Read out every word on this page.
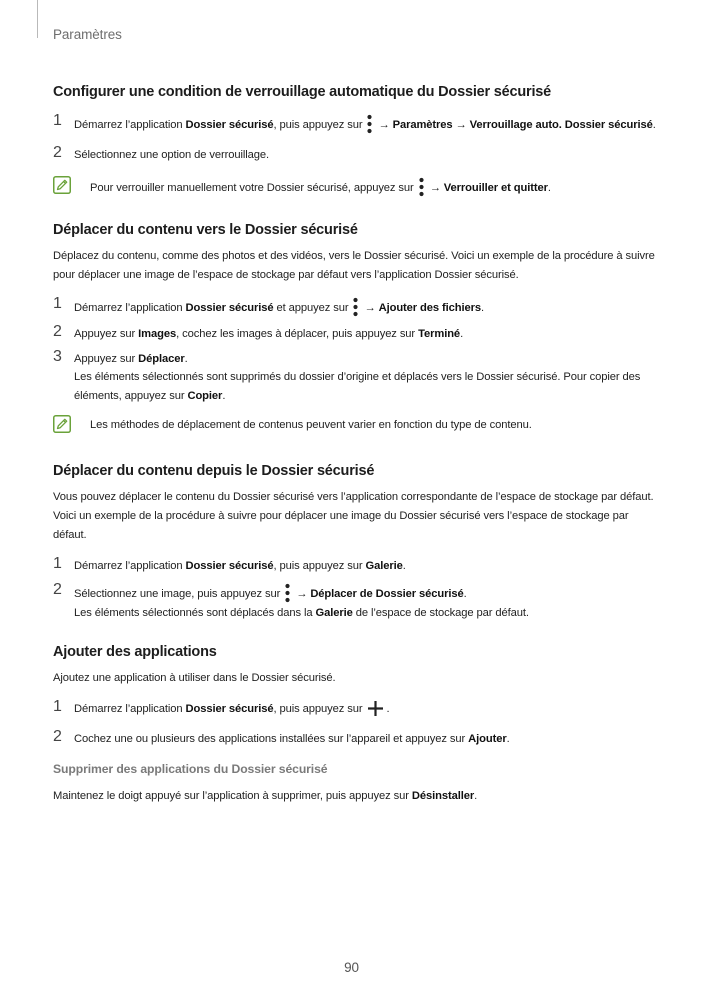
Paramètres
Configurer une condition de verrouillage automatique du Dossier sécurisé
1 Démarrez l’application Dossier sécurisé, puis appuyez sur  → Paramètres → Verrouillage auto. Dossier sécurisé.
2 Sélectionnez une option de verrouillage.
Pour verrouiller manuellement votre Dossier sécurisé, appuyez sur  → Verrouiller et quitter.
Déplacer du contenu vers le Dossier sécurisé

Déplacez du contenu, comme des photos et des vidéos, vers le Dossier sécurisé. Voici un exemple de la procédure à suivre pour déplacer une image de l’espace de stockage par défaut vers l’application Dossier sécurisé.

1 Démarrez l’application Dossier sécurisé et appuyez sur  → Ajouter des fichiers.
2 Appuyez sur Images, cochez les images à déplacer, puis appuyez sur Terminé.
3 Appuyez sur Déplacer.
Les éléments sélectionnés sont supprimés du dossier d’origine et déplacés vers le Dossier sécurisé. Pour copier des éléments, appuyez sur Copier.
Les méthodes de déplacement de contenus peuvent varier en fonction du type de contenu.
Déplacer du contenu depuis le Dossier sécurisé

Vous pouvez déplacer le contenu du Dossier sécurisé vers l’application correspondante de l’espace de stockage par défaut. Voici un exemple de la procédure à suivre pour déplacer une image du Dossier sécurisé vers l’espace de stockage par défaut.

1 Démarrez l’application Dossier sécurisé, puis appuyez sur Galerie.
2 Sélectionnez une image, puis appuyez sur  → Déplacer de Dossier sécurisé.
Les éléments sélectionnés sont déplacés dans la Galerie de l’espace de stockage par défaut.
Ajouter des applications

Ajoutez une application à utiliser dans le Dossier sécurisé.

1 Démarrez l’application Dossier sécurisé, puis appuyez sur .
2 Cochez une ou plusieurs des applications installées sur l’appareil et appuyez sur Ajouter.
Supprimer des applications du Dossier sécurisé

Maintenez le doigt appuyé sur l’application à supprimer, puis appuyez sur Désinstaller.

90
